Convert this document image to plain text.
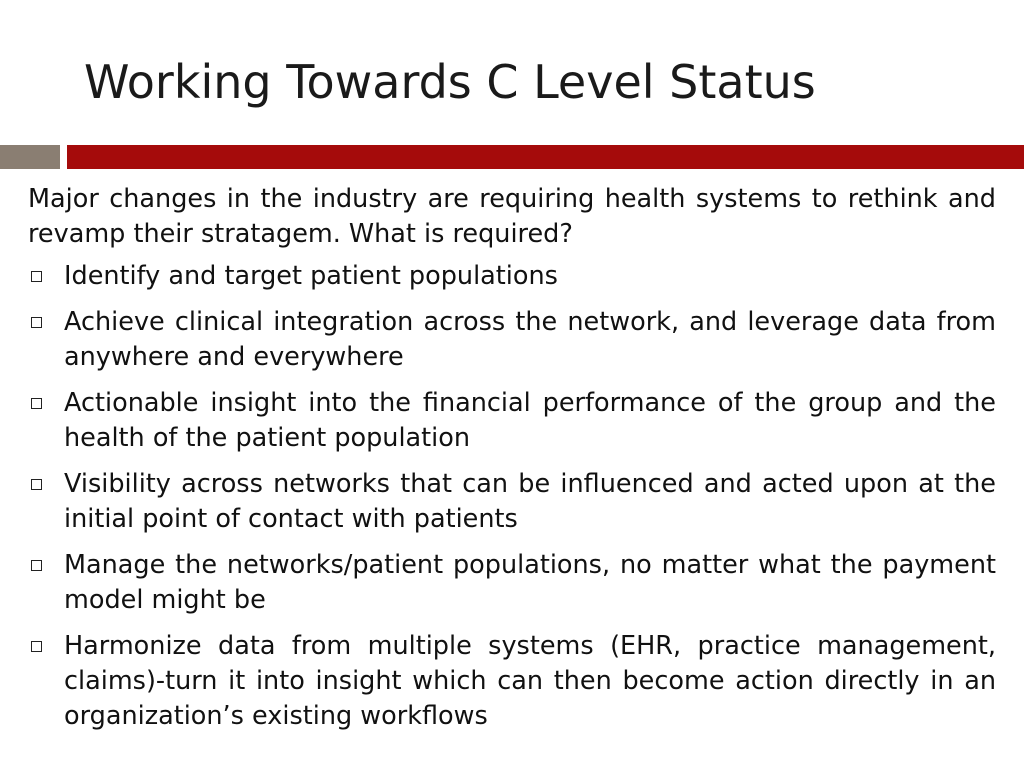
Working Towards C Level Status

Major changes in the industry are requiring health systems to rethink and revamp their stratagem. What is required?

Identify and target patient populations
Achieve clinical integration across the network, and leverage data from anywhere and everywhere
Actionable insight into the financial performance of the group and the health of the patient population
Visibility across networks that can be influenced and acted upon at the initial point of contact with patients
Manage the networks/patient populations, no matter what the payment model might be
Harmonize data from multiple systems (EHR, practice management, claims)-turn it into insight which can then become action directly in an organization’s existing workflows
